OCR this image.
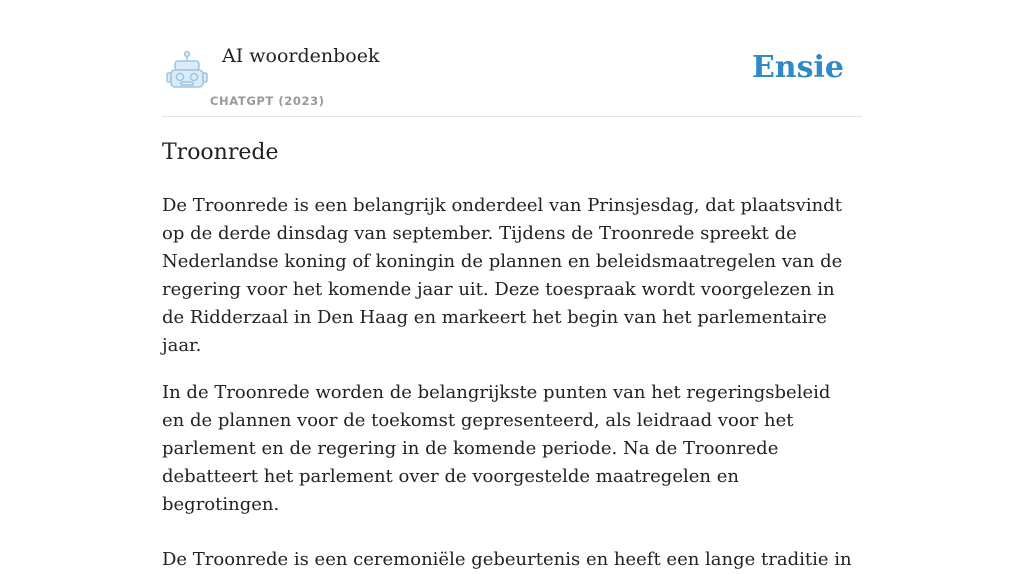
AI woordenboek
CHATGPT (2023)
Ensie
Troonrede

De Troonrede is een belangrijk onderdeel van Prinsjesdag, dat plaatsvindt op de derde dinsdag van september. Tijdens de Troonrede spreekt de Nederlandse koning of koningin de plannen en beleidsmaatregelen van de regering voor het komende jaar uit. Deze toespraak wordt voorgelezen in de Ridderzaal in Den Haag en markeert het begin van het parlementaire jaar.

In de Troonrede worden de belangrijkste punten van het regeringsbeleid en de plannen voor de toekomst gepresenteerd, als leidraad voor het parlement en de regering in de komende periode. Na de Troonrede debatteert het parlement over de voorgestelde maatregelen en begrotingen.

De Troonrede is een ceremoniële gebeurtenis en heeft een lange traditie in
